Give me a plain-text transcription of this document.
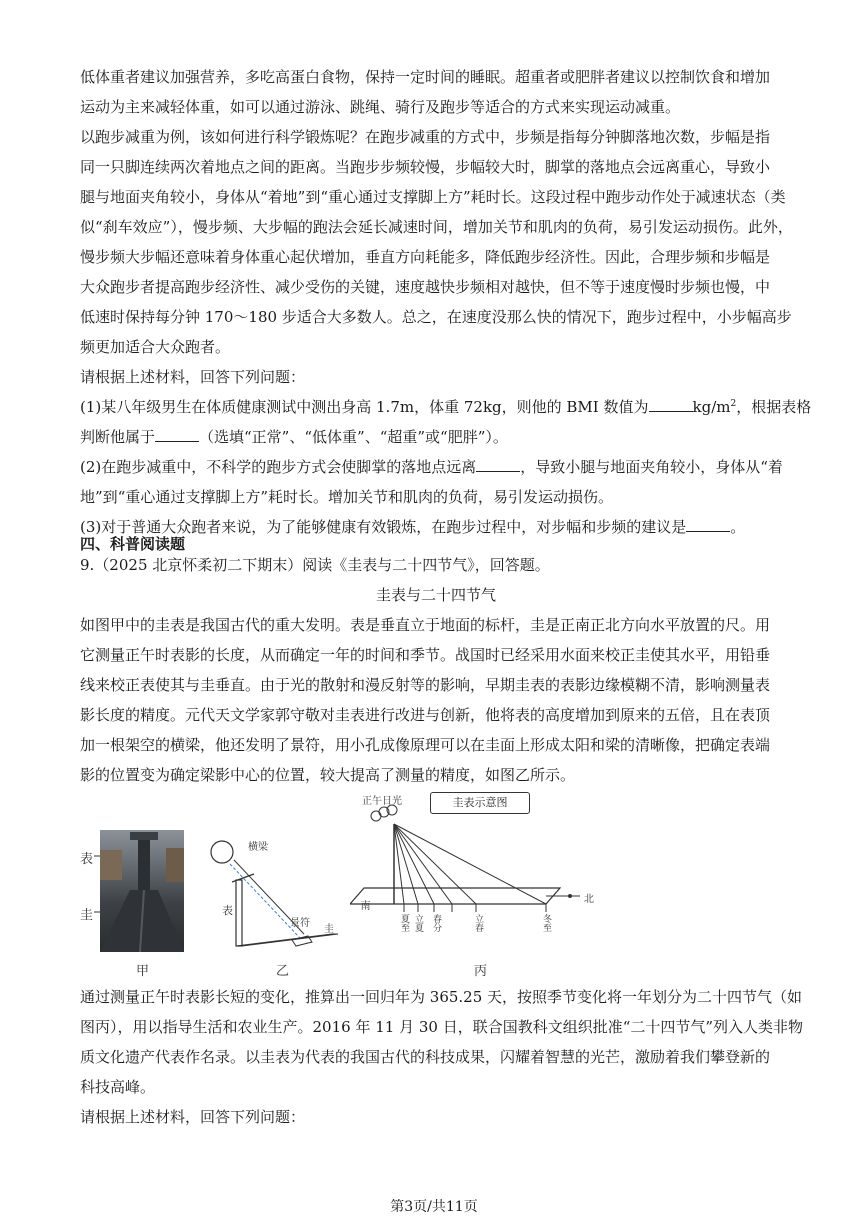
低体重者建议加强营养，多吃高蛋白食物，保持一定时间的睡眠。超重者或肥胖者建议以控制饮食和增加
运动为主来减轻体重，如可以通过游泳、跳绳、骑行及跑步等适合的方式来实现运动减重。
以跑步减重为例，该如何进行科学锻炼呢？在跑步减重的方式中，步频是指每分钟脚落地次数，步幅是指
同一只脚连续两次着地点之间的距离。当跑步步频较慢，步幅较大时，脚掌的落地点会远离重心，导致小
腿与地面夹角较小，身体从“着地”到“重心通过支撑脚上方”耗时长。这段过程中跑步动作处于减速状态（类
似“刹车效应”），慢步频、大步幅的跑法会延长减速时间，增加关节和肌肉的负荷，易引发运动损伤。此外，
慢步频大步幅还意味着身体重心起伏增加，垂直方向耗能多，降低跑步经济性。因此，合理步频和步幅是
大众跑步者提高跑步经济性、减少受伤的关键，速度越快步频相对越快，但不等于速度慢时步频也慢，中
低速时保持每分钟 170～180 步适合大多数人。总之，在速度没那么快的情况下，跑步过程中，小步幅高步
频更加适合大众跑者。
请根据上述材料，回答下列问题：
(1)某八年级男生在体质健康测试中测出身高 1.7m，体重 72kg，则他的 BMI 数值为	$kg/m^2$，根据表格
判断他属于	（选填“正常”、“低体重”、“超重”或“肥胖”）。
(2)在跑步减重中，不科学的跑步方式会使脚掌的落地点远离	，导致小腿与地面夹角较小，身体从“着
地”到“重心通过支撑脚上方”耗时长。增加关节和肌肉的负荷，易引发运动损伤。
(3)对于普通大众跑者来说，为了能够健康有效锻炼，在跑步过程中，对步幅和步频的建议是	。
四、科普阅读题
9.（2025 北京怀柔初二下期末）阅读《圭表与二十四节气》，回答题。
圭表与二十四节气
如图甲中的圭表是我国古代的重大发明。表是垂直立于地面的标杆，圭是正南正北方向水平放置的尺。用
它测量正午时表影的长度，从而确定一年的时间和季节。战国时已经采用水面来校正圭使其水平，用铅垂
线来校正表使其与圭垂直。由于光的散射和漫反射等的影响，早期圭表的表影边缘模糊不清，影响测量表
影长度的精度。元代天文学家郭守敬对圭表进行改进与创新，他将表的高度增加到原来的五倍，且在表顶
加一根架空的横梁，他还发明了景符，用小孔成像原理可以在圭面上形成太阳和梁的清晰像，把确定表端
影的位置变为确定梁影中心的位置，较大提高了测量的精度，如图乙所示。
表
圭
甲
横梁
表
景符
圭
乙
正午日光	圭表示意图
南	北
夏至 立夏 春分	立春	冬至
丙
通过测量正午时表影长短的变化，推算出一回归年为 365.25 天，按照季节变化将一年划分为二十四节气（如
图丙），用以指导生活和农业生产。2016 年 11 月 30 日，联合国教科文组织批准“二十四节气”列入人类非物
质文化遗产代表作名录。以圭表为代表的我国古代的科技成果，闪耀着智慧的光芒，激励着我们攀登新的
科技高峰。
请根据上述材料，回答下列问题：
第3页/共11页
